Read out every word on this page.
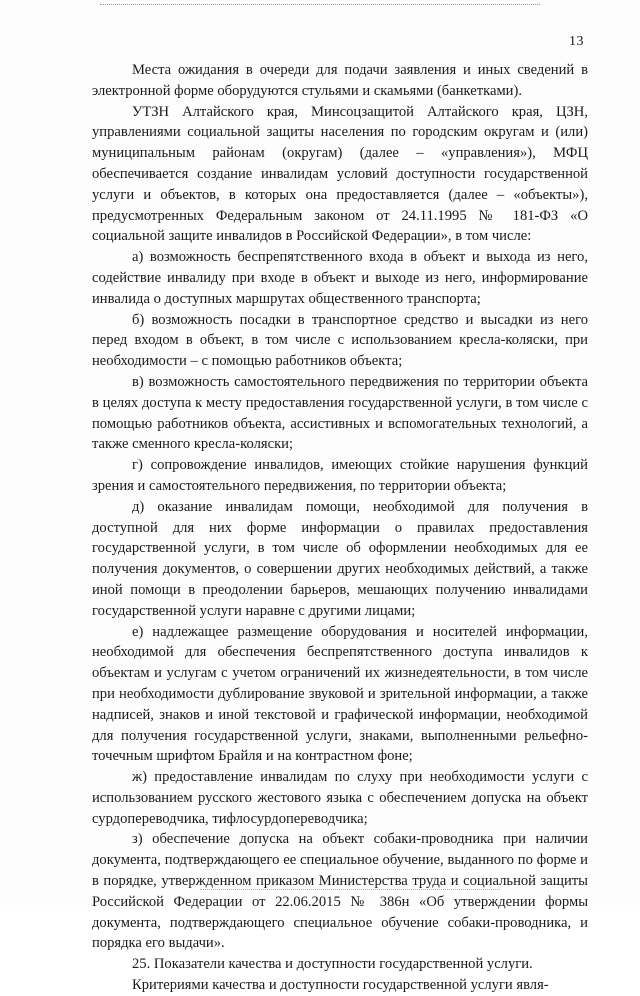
13

Места ожидания в очереди для подачи заявления и иных сведений в электронной форме оборудуются стульями и скамьями (банкетками).

УТЗН Алтайского края, Минсоцзащитой Алтайского края, ЦЗН, управлениями социальной защиты населения по городским округам и (или) муниципальным районам (округам) (далее – «управления»), МФЦ обеспечивается создание инвалидам условий доступности государственной услуги и объектов, в которых она предоставляется (далее – «объекты»), предусмотренных Федеральным законом от 24.11.1995 № 181-ФЗ «О социальной защите инвалидов в Российской Федерации», в том числе:

а) возможность беспрепятственного входа в объект и выхода из него, содействие инвалиду при входе в объект и выходе из него, информирование инвалида о доступных маршрутах общественного транспорта;

б) возможность посадки в транспортное средство и высадки из него перед входом в объект, в том числе с использованием кресла-коляски, при необходимости – с помощью работников объекта;

в) возможность самостоятельного передвижения по территории объекта в целях доступа к месту предоставления государственной услуги, в том числе с помощью работников объекта, ассистивных и вспомогательных технологий, а также сменного кресла-коляски;

г) сопровождение инвалидов, имеющих стойкие нарушения функций зрения и самостоятельного передвижения, по территории объекта;

д) оказание инвалидам помощи, необходимой для получения в доступной для них форме информации о правилах предоставления государственной услуги, в том числе об оформлении необходимых для ее получения документов, о совершении других необходимых действий, а также иной помощи в преодолении барьеров, мешающих получению инвалидами государственной услуги наравне с другими лицами;

е) надлежащее размещение оборудования и носителей информации, необходимой для обеспечения беспрепятственного доступа инвалидов к объектам и услугам с учетом ограничений их жизнедеятельности, в том числе при необходимости дублирование звуковой и зрительной информации, а также надписей, знаков и иной текстовой и графической информации, необходимой для получения государственной услуги, знаками, выполненными рельефно-точечным шрифтом Брайля и на контрастном фоне;

ж) предоставление инвалидам по слуху при необходимости услуги с использованием русского жестового языка с обеспечением допуска на объект сурдопереводчика, тифлосурдопереводчика;

з) обеспечение допуска на объект собаки-проводника при наличии документа, подтверждающего ее специальное обучение, выданного по форме и в порядке, утвержденном приказом Министерства труда и социальной защиты Российской Федерации от 22.06.2015 № 386н «Об утверждении формы документа, подтверждающего специальное обучение собаки-проводника, и порядка его выдачи».

25. Показатели качества и доступности государственной услуги.

Критериями качества и доступности государственной услуги явля-
